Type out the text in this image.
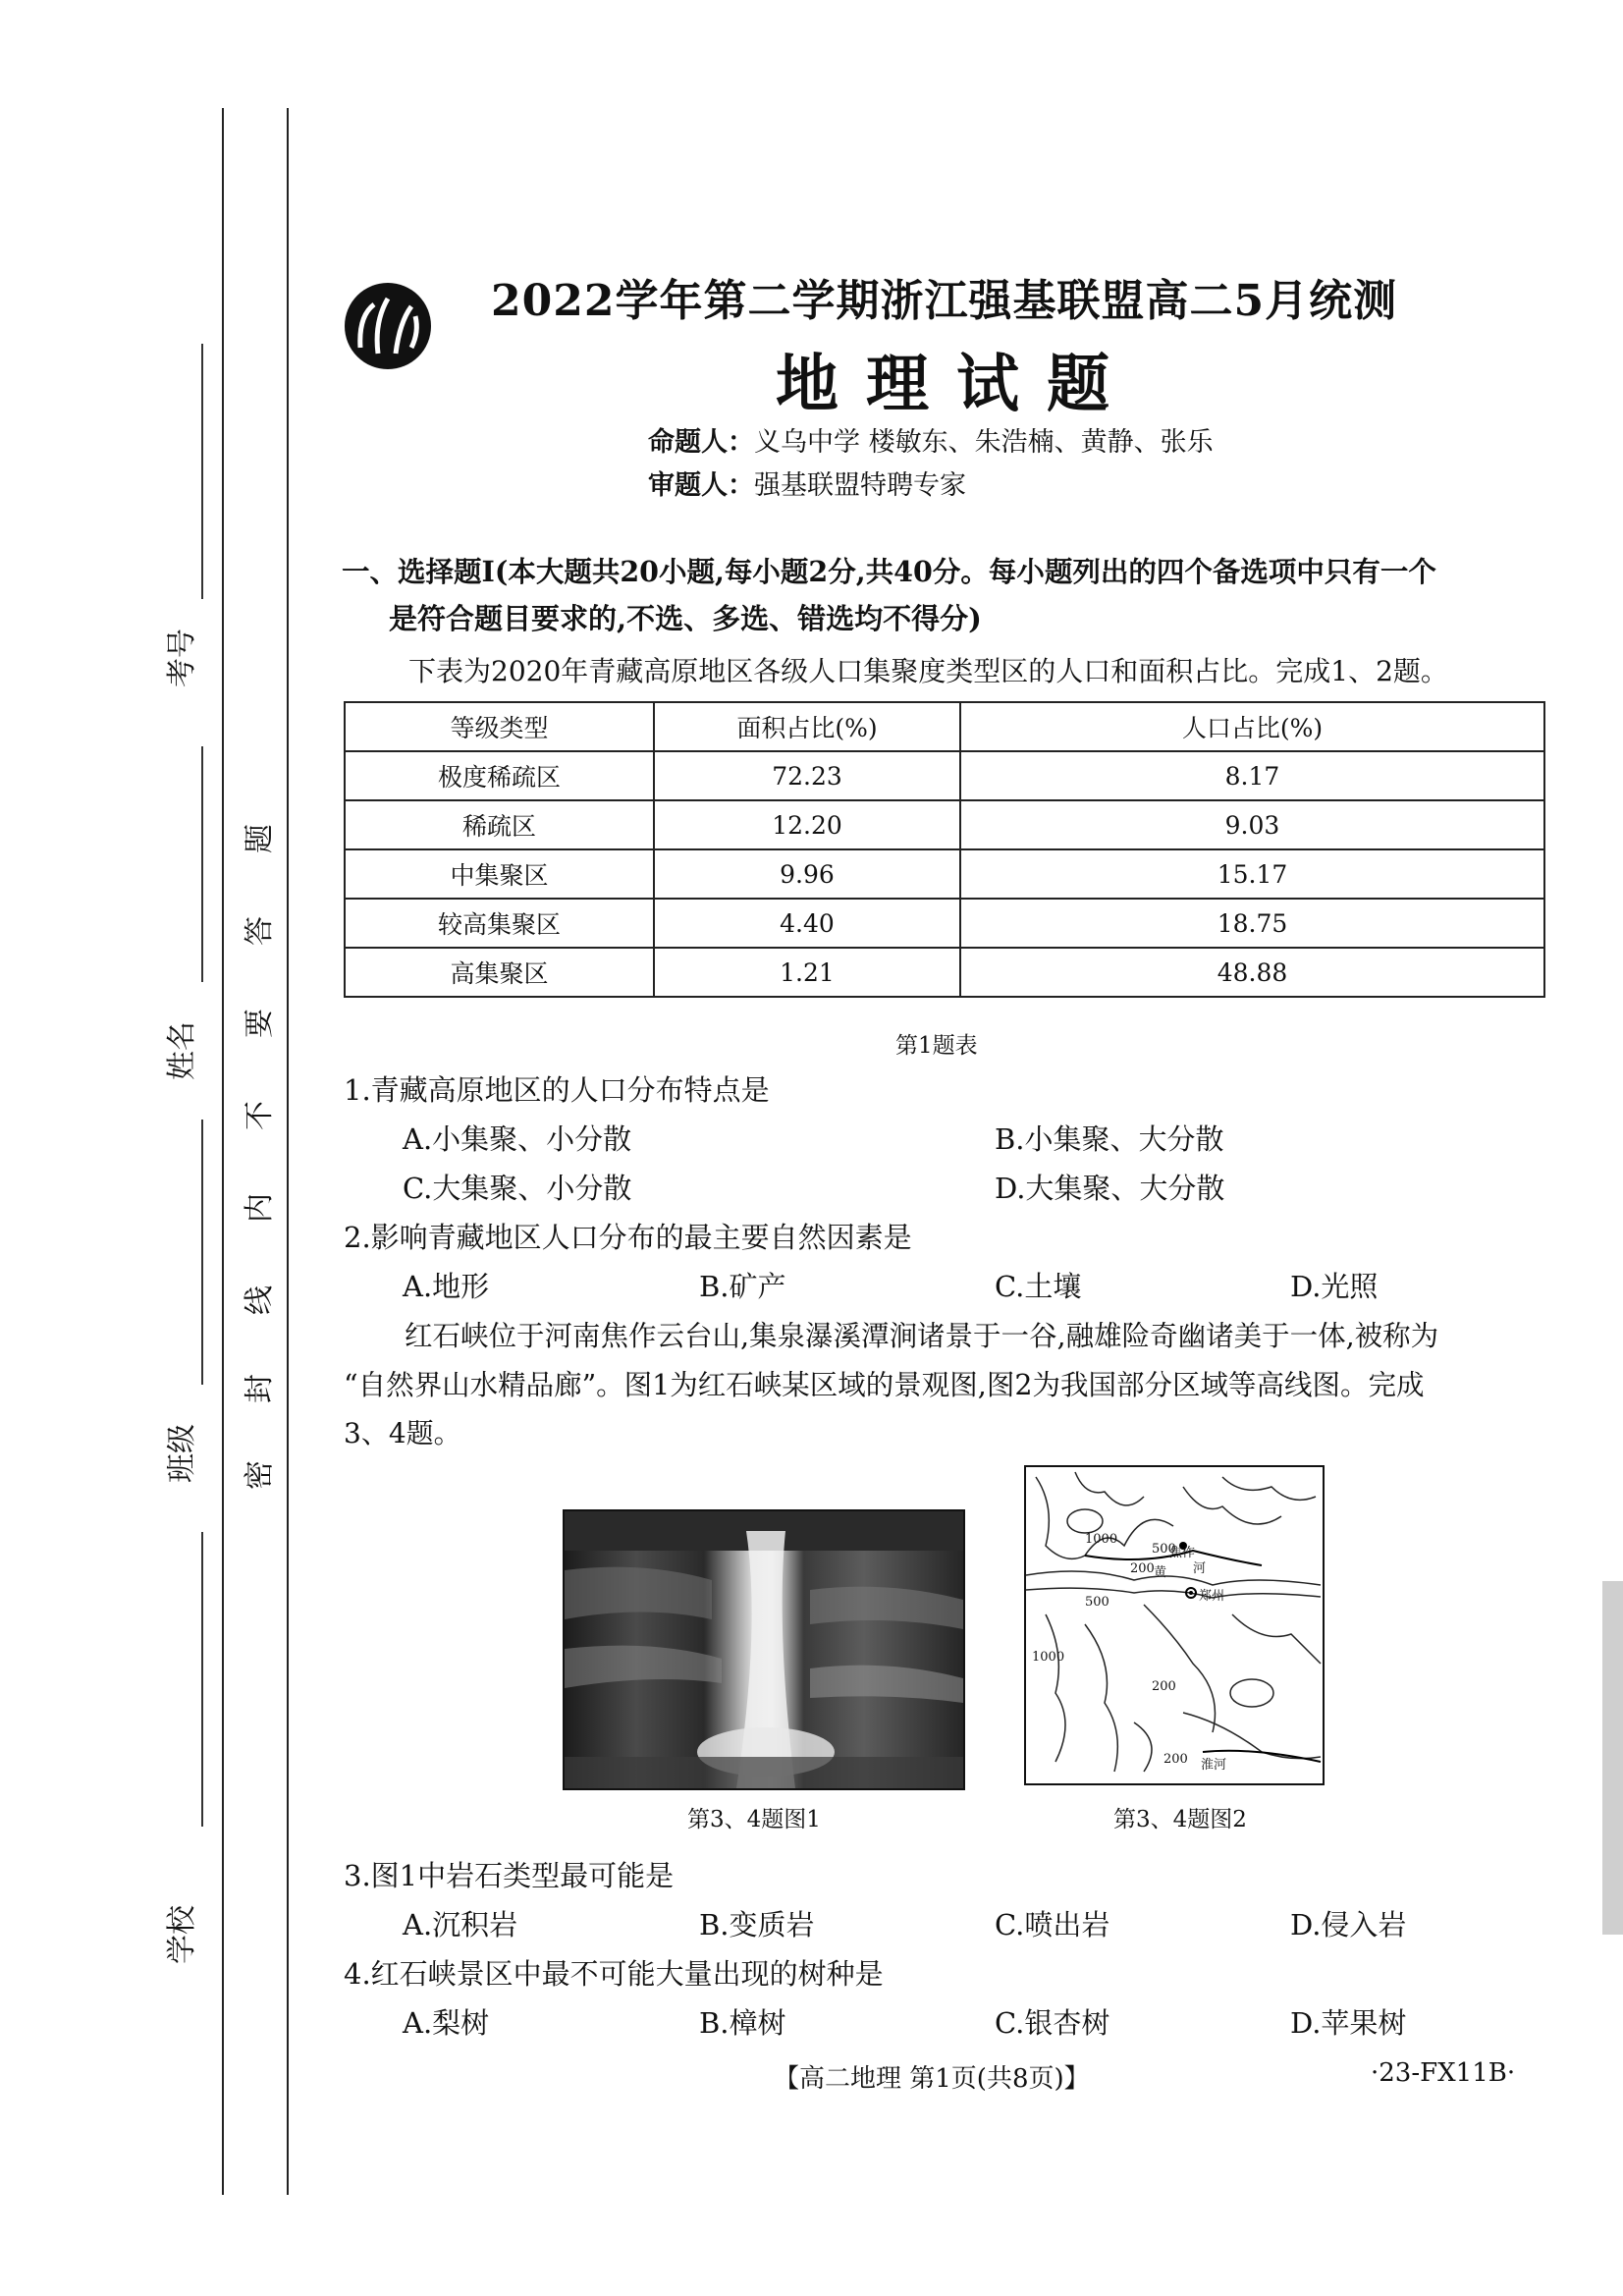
考号
姓名
班级
学校
密
封
线
内
不
要
答
题
2022学年第二学期浙江强基联盟高二5月统测
地理试题
命题人：义乌中学 楼敏东、朱浩楠、黄静、张乐
审题人：强基联盟特聘专家
一、选择题Ⅰ(本大题共20小题,每小题2分,共40分。每小题列出的四个备选项中只有一个
是符合题目要求的,不选、多选、错选均不得分)
下表为2020年青藏高原地区各级人口集聚度类型区的人口和面积占比。完成1、2题。
等级类型	面积占比(%)	人口占比(%)
极度稀疏区	72.23	8.17
稀疏区	12.20	9.03
中集聚区	9.96	15.17
较高集聚区	4.40	18.75
高集聚区	1.21	48.88
第1题表
1.青藏高原地区的人口分布特点是
A.小集聚、小分散	B.小集聚、大分散
C.大集聚、小分散	D.大集聚、大分散
2.影响青藏地区人口分布的最主要自然因素是
A.地形	B.矿产	C.土壤	D.光照
红石峡位于河南焦作云台山,集泉瀑溪潭涧诸景于一谷,融雄险奇幽诸美于一体,被称为
“自然界山水精品廊”。图1为红石峡某区域的景观图,图2为我国部分区域等高线图。完成
3、4题。
第3、4题图1
1000
500
焦作
200 黄 河
500	郑州
1000
200
200 淮河
第3、4题图2
3.图1中岩石类型最可能是
A.沉积岩	B.变质岩	C.喷出岩	D.侵入岩
4.红石峡景区中最不可能大量出现的树种是
A.梨树	B.樟树	C.银杏树	D.苹果树
【高二地理 第1页(共8页)】	·23-FX11B·
